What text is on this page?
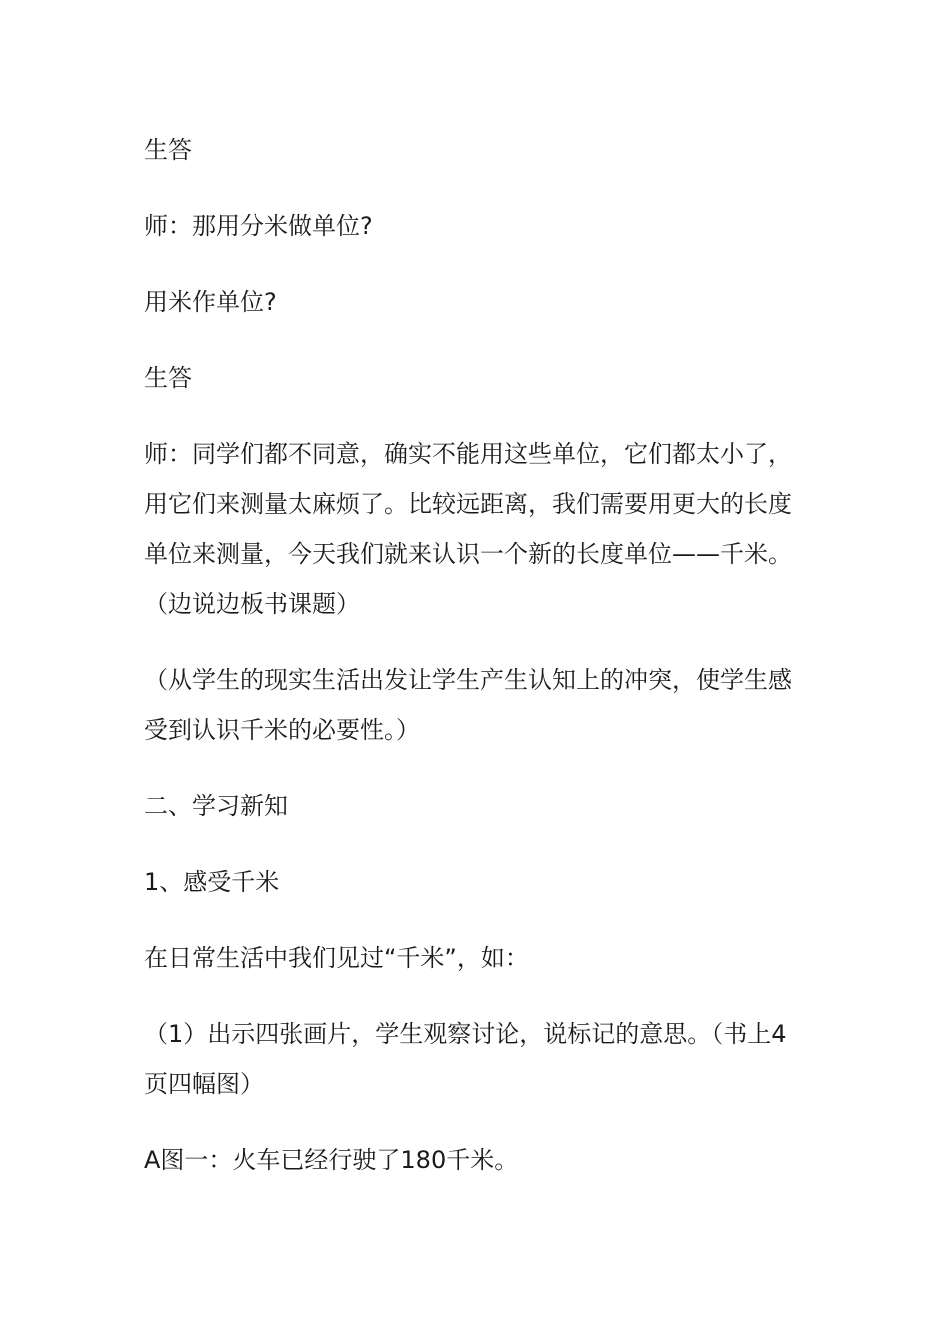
生答

师：那用分米做单位?

用米作单位?

生答

师：同学们都不同意，确实不能用这些单位，它们都太小了，用它们来测量太麻烦了。比较远距离，我们需要用更大的长度单位来测量，今天我们就来认识一个新的长度单位——千米。（边说边板书课题）

（从学生的现实生活出发让学生产生认知上的冲突，使学生感受到认识千米的必要性。）

二、学习新知

1、感受千米

在日常生活中我们见过“千米”，如：

（1）出示四张画片，学生观察讨论，说标记的意思。（书上4页四幅图）

A图一：火车已经行驶了180千米。
